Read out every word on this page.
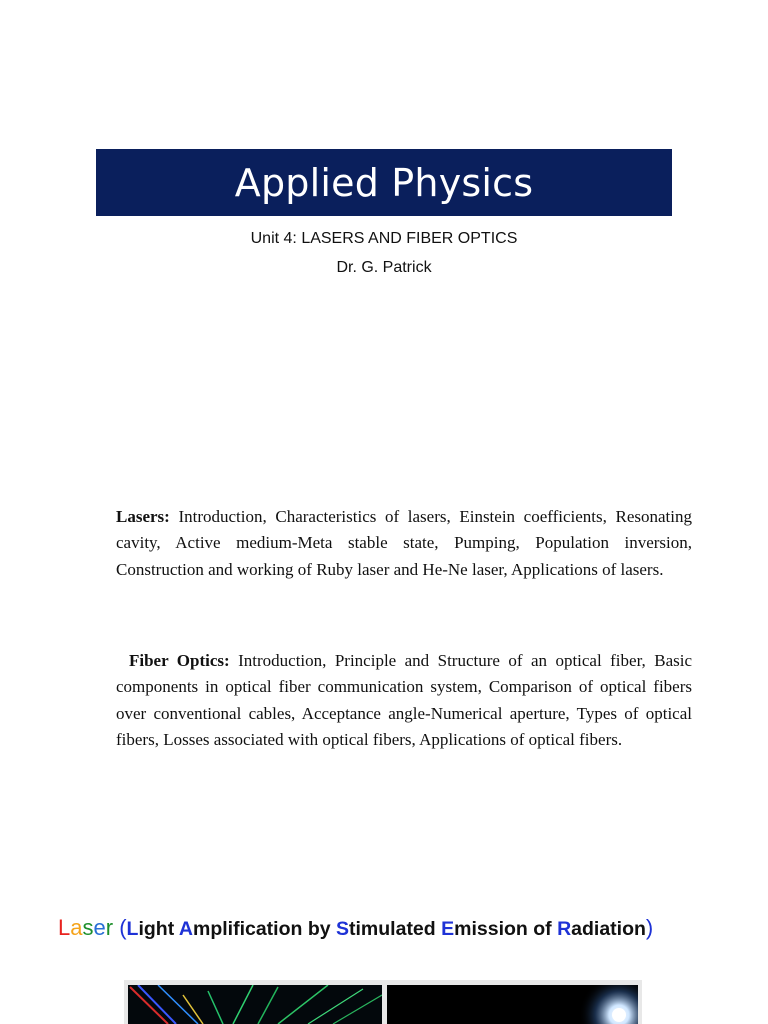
Applied Physics
Unit 4: LASERS AND FIBER OPTICS
Dr. G. Patrick
Lasers: Introduction, Characteristics of lasers, Einstein coefficients, Resonating cavity, Active medium-Meta stable state, Pumping, Population inversion, Construction and working of Ruby laser and He-Ne laser, Applications of lasers.
Fiber Optics: Introduction, Principle and Structure of an optical fiber, Basic components in optical fiber communication system, Comparison of optical fibers over conventional cables, Acceptance angle-Numerical aperture, Types of optical fibers, Losses associated with optical fibers, Applications of optical fibers.
Laser (Light Amplification by Stimulated Emission of Radiation)
